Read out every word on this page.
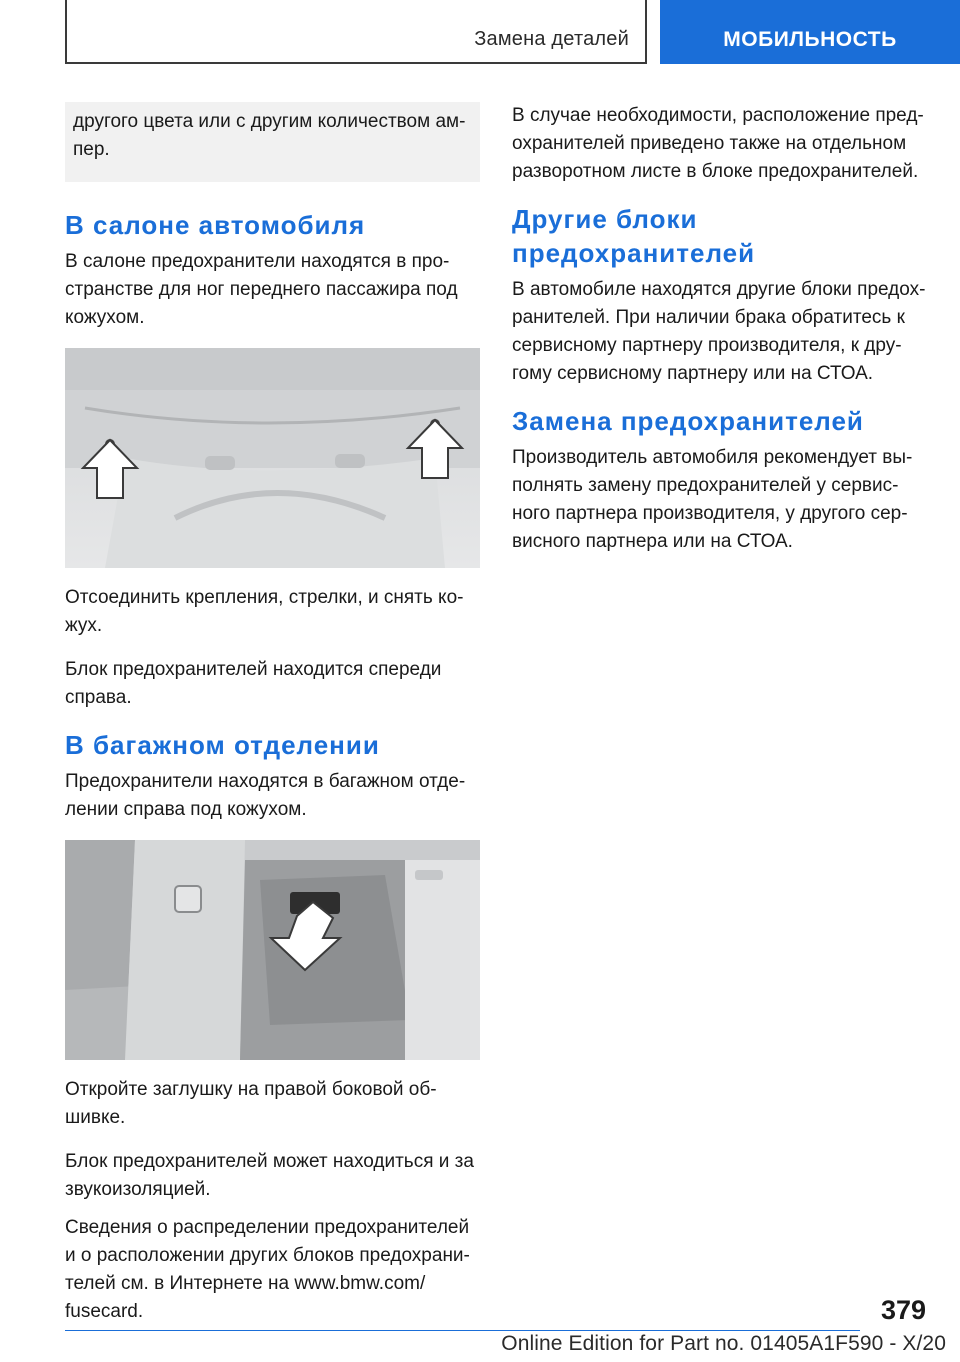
Замена деталей	МОБИЛЬНОСТЬ
другого цвета или с другим количеством ам-
пер.
В салоне автомобиля

В салоне предохранители находятся в про-
странстве для ног переднего пассажира под
кожухом.

Отсоединить крепления, стрелки, и снять ко-
жух.

Блок предохранителей находится спереди
справа.

В багажном отделении

Предохранители находятся в багажном отде-
лении справа под кожухом.

Откройте заглушку на правой боковой об-
шивке.

Блок предохранителей может находиться и за
звукоизоляцией.

Сведения о распределении предохранителей
и о расположении других блоков предохрани-
телей см. в Интернете на www.bmw.com/
fusecard.

В случае необходимости, расположение пред-
охранителей приведено также на отдельном
разворотном листе в блоке предохранителей.

Другие блоки предохранителей

В автомобиле находятся другие блоки предох-
ранителей. При наличии брака обратитесь к
сервисному партнеру производителя, к дру-
гому сервисному партнеру или на СТОА.

Замена предохранителей

Производитель автомобиля рекомендует вы-
полнять замену предохранителей у сервис-
ного партнера производителя, у другого сер-
висного партнера или на СТОА.

379
Online Edition for Part no. 01405A1F590 - X/20
